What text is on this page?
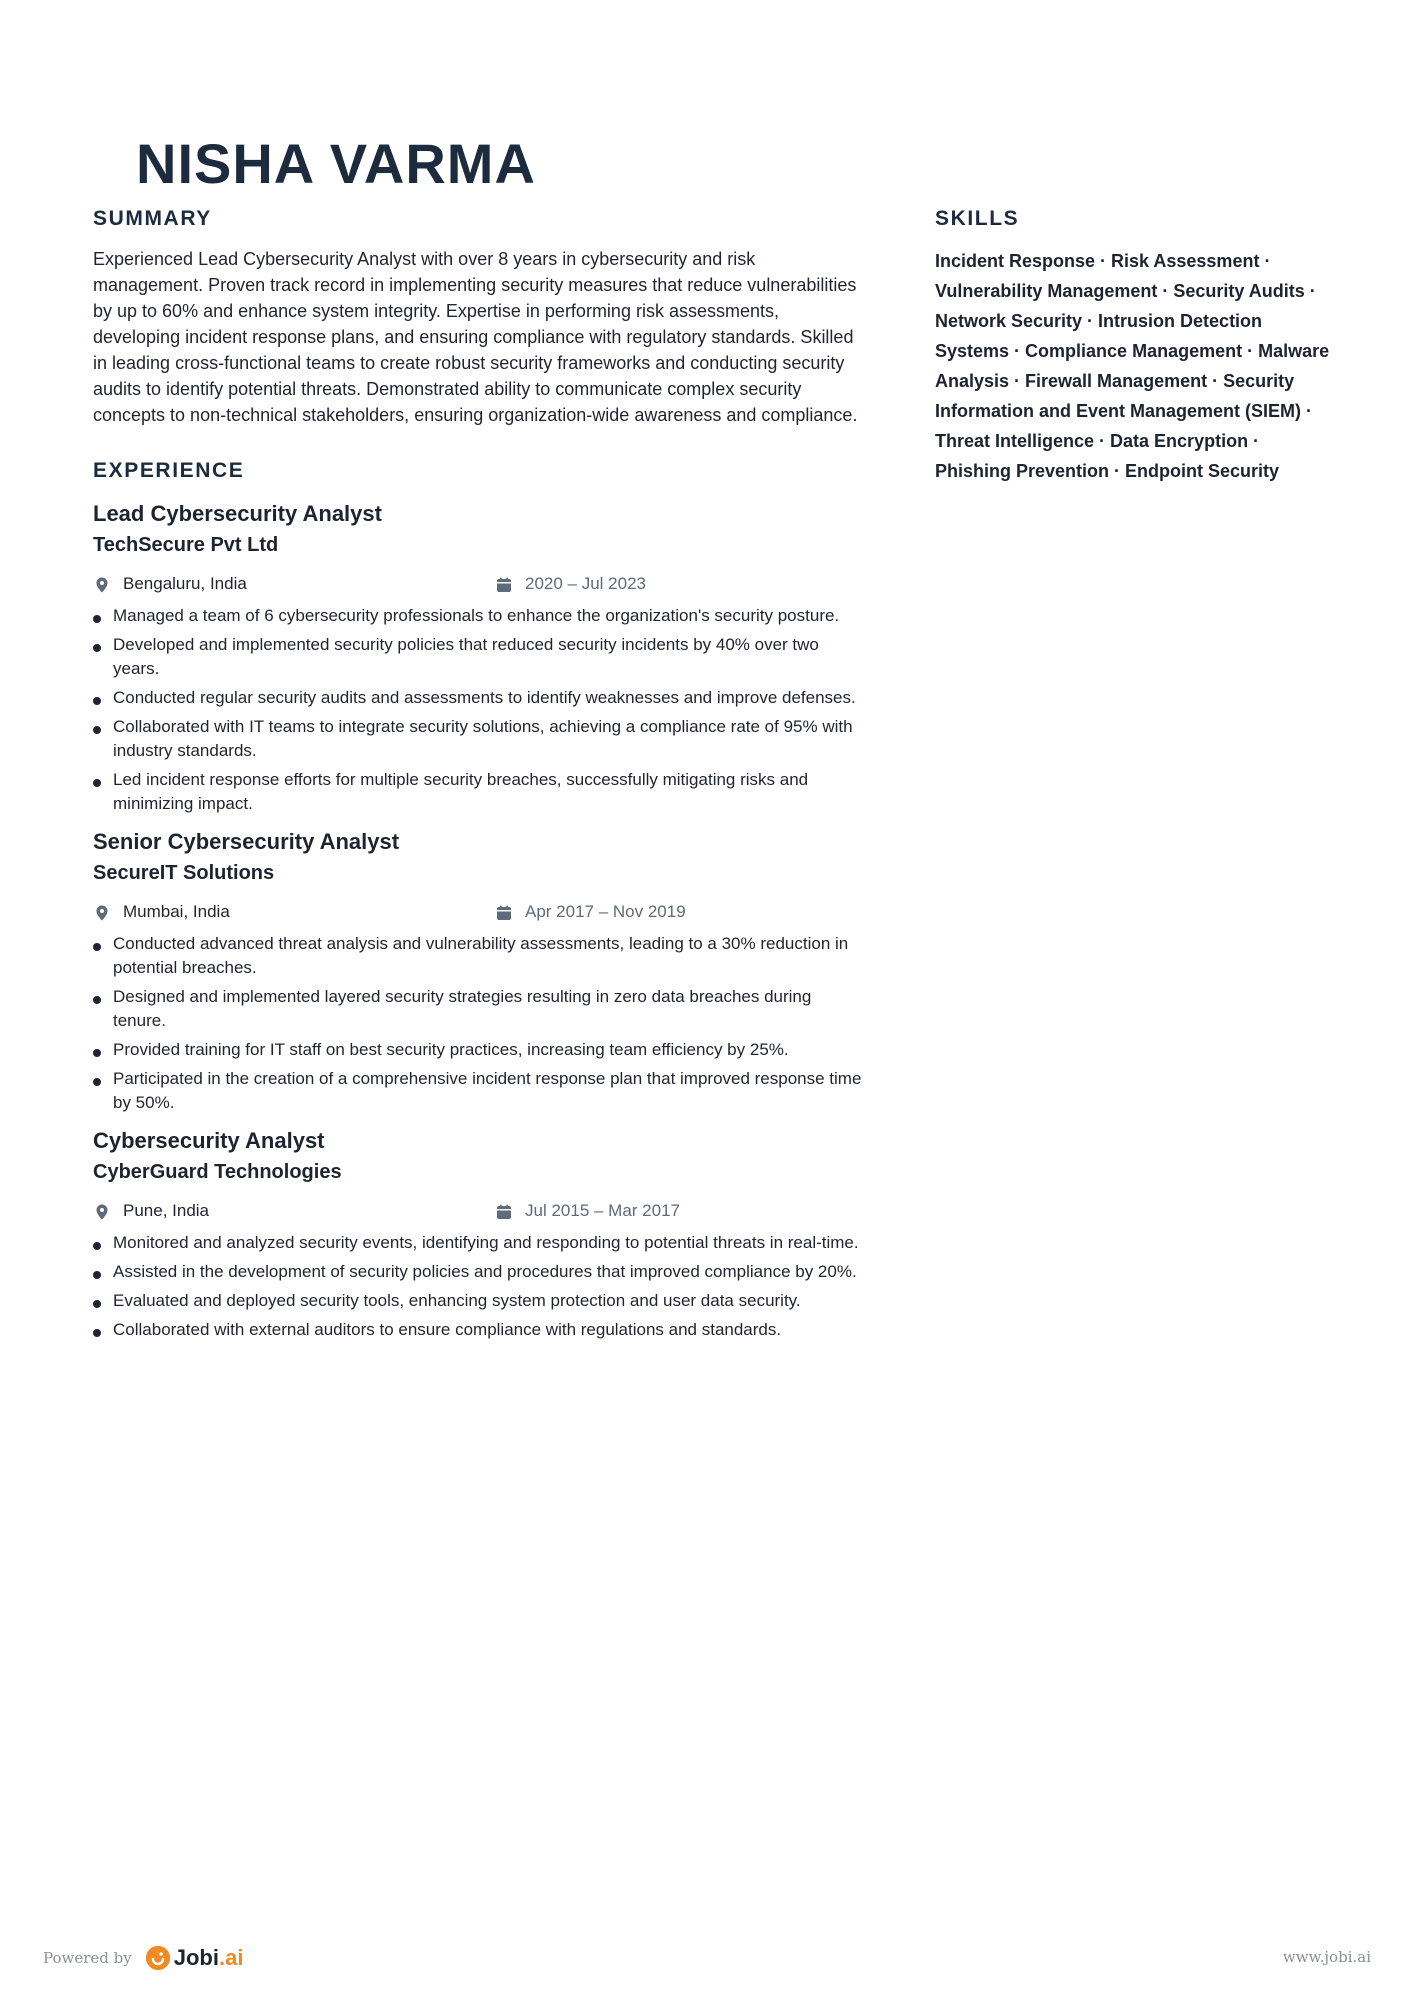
NISHA VARMA
SUMMARY

Experienced Lead Cybersecurity Analyst with over 8 years in cybersecurity and risk management. Proven track record in implementing security measures that reduce vulnerabilities by up to 60% and enhance system integrity. Expertise in performing risk assessments, developing incident response plans, and ensuring compliance with regulatory standards. Skilled in leading cross-functional teams to create robust security frameworks and conducting security audits to identify potential threats. Demonstrated ability to communicate complex security concepts to non-technical stakeholders, ensuring organization-wide awareness and compliance.

EXPERIENCE
Lead Cybersecurity Analyst
TechSecure Pvt Ltd
Bengaluru, India	2020 – Jul 2023
Managed a team of 6 cybersecurity professionals to enhance the organization's security posture.
Developed and implemented security policies that reduced security incidents by 40% over two years.
Conducted regular security audits and assessments to identify weaknesses and improve defenses.
Collaborated with IT teams to integrate security solutions, achieving a compliance rate of 95% with industry standards.
Led incident response efforts for multiple security breaches, successfully mitigating risks and minimizing impact.
Senior Cybersecurity Analyst
SecureIT Solutions
Mumbai, India	Apr 2017 – Nov 2019
Conducted advanced threat analysis and vulnerability assessments, leading to a 30% reduction in potential breaches.
Designed and implemented layered security strategies resulting in zero data breaches during tenure.
Provided training for IT staff on best security practices, increasing team efficiency by 25%.
Participated in the creation of a comprehensive incident response plan that improved response time by 50%.
Cybersecurity Analyst
CyberGuard Technologies
Pune, India	Jul 2015 – Mar 2017
Monitored and analyzed security events, identifying and responding to potential threats in real-time.
Assisted in the development of security policies and procedures that improved compliance by 20%.
Evaluated and deployed security tools, enhancing system protection and user data security.
Collaborated with external auditors to ensure compliance with regulations and standards.
SKILLS

Incident Response · Risk Assessment · Vulnerability Management · Security Audits · Network Security · Intrusion Detection Systems · Compliance Management · Malware Analysis · Firewall Management · Security Information and Event Management (SIEM) · Threat Intelligence · Data Encryption · Phishing Prevention · Endpoint Security

Powered by Jobi.ai	www.jobi.ai
